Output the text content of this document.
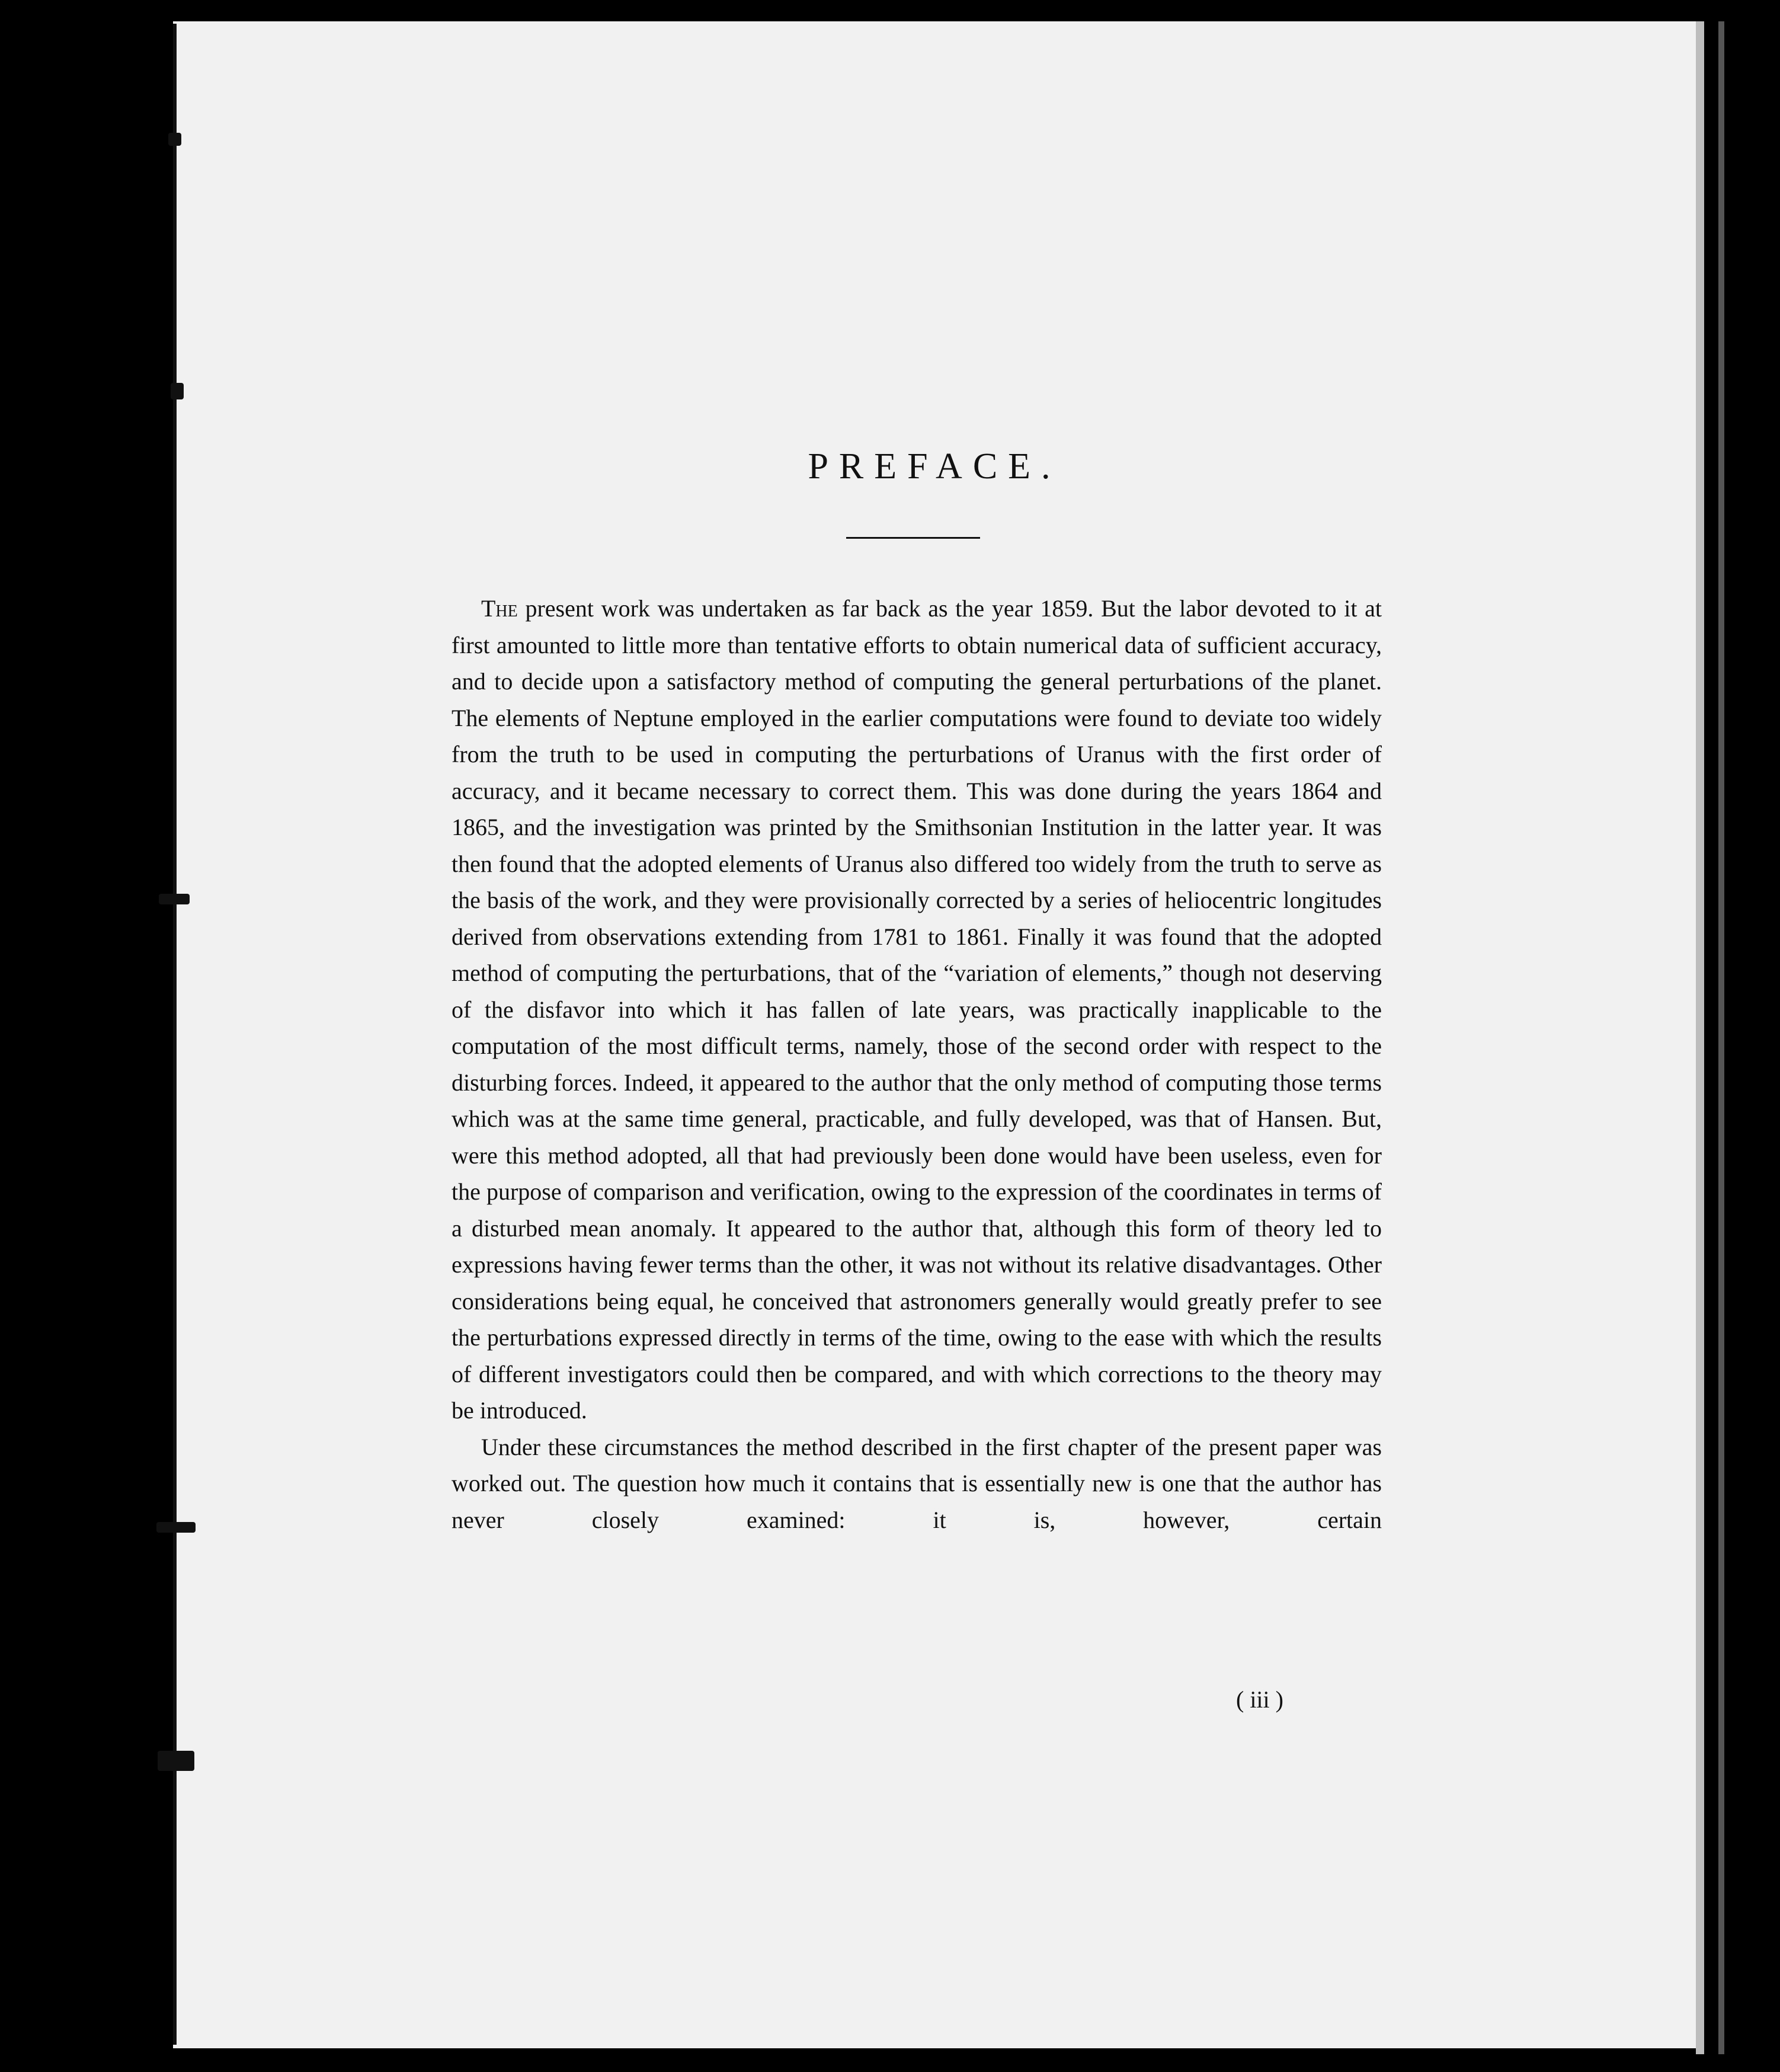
PREFACE.

The present work was undertaken as far back as the year 1859. But the labor devoted to it at first amounted to little more than tentative efforts to obtain numerical data of sufficient accuracy, and to decide upon a satisfactory method of computing the general perturbations of the planet. The elements of Neptune employed in the earlier computations were found to deviate too widely from the truth to be used in computing the perturbations of Uranus with the first order of accuracy, and it became necessary to correct them. This was done during the years 1864 and 1865, and the investigation was printed by the Smithsonian Institution in the latter year. It was then found that the adopted elements of Uranus also differed too widely from the truth to serve as the basis of the work, and they were provisionally corrected by a series of heliocentric longitudes derived from observations extending from 1781 to 1861. Finally it was found that the adopted method of computing the perturbations, that of the “variation of elements,” though not deserving of the disfavor into which it has fallen of late years, was practically inapplicable to the computation of the most difficult terms, namely, those of the second order with respect to the disturbing forces. Indeed, it appeared to the author that the only method of computing those terms which was at the same time general, practicable, and fully developed, was that of Hansen. But, were this method adopted, all that had previously been done would have been useless, even for the purpose of comparison and verification, owing to the expression of the coordinates in terms of a disturbed mean anomaly. It appeared to the author that, although this form of theory led to expressions having fewer terms than the other, it was not without its relative disadvantages. Other considerations being equal, he conceived that astronomers generally would greatly prefer to see the perturbations expressed directly in terms of the time, owing to the ease with which the results of different investigators could then be compared, and with which corrections to the theory may be introduced.

Under these circumstances the method described in the first chapter of the present paper was worked out. The question how much it contains that is essentially new is one that the author has never closely examined: it is, however, certain

( iii )
